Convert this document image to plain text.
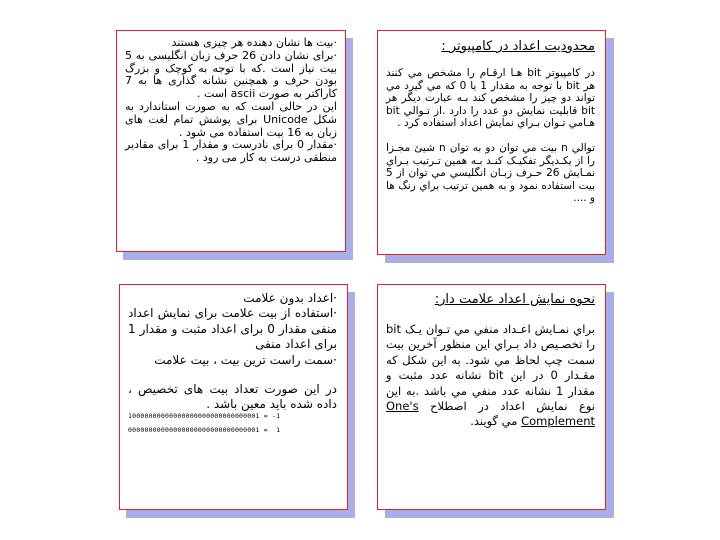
محدوديت اعداد در کامپيوتر :

در کامپيوتر bit هـا ارقـام را مشخص مي کنند هر bit با توجه به مقدار 1 يا 0 که مي گيرد مي تواند دو چيز را مشخص کند بـه عبارت ديگر هر bit قابليت نمايش دو عدد را دارد .از تـوالي bit هـامي تـوان بـراي نمايش اعداد استفاده کرد .

توالي n بيت مي توان دو به توان n شيئ مجـزا را از يکـديگر تفکيـک کنـد بـه همين تـرتيب بـراي نمـايش 26 حـرف زبـان انگليسي مي توان از 5 بيت استفاده نمود و به همين ترتيب براي رنگ ها و ....

·بیت ها نشان دهنده هر چیزی هستند

·برای نشان دادن 26 حرف زبان انگلیسی به 5 بیت نیاز است .که با توجه به کوچک و بزرگ بودن حرف و همچنین نشانه گذاری ها به 7 کاراکتر به صورت ascii است .

این در حالی است که به صورت استاندارد به شکل Unicode برای پوشش تمام لغت های زبان به 16 بیت استفاده می شود .

·مقدار 0 برای نادرست و مقدار 1 برای مقادیر منطقی درست به کار می رود .

نحوه نمايش اعداد علامت دار:

براي نمـايش اعـداد منفي مي تـوان يـک bit را تخصـيص داد بـراي اين منظور آخرين بيت سمت چپ لحاظ مي شود. به اين شکل که مقـدار 0 در اين bit نشانه عدد مثبت و مقدار 1 نشانه عدد منفي مي باشد .به اين نوع نمايش اعداد در اصطلاح One's Complement مي گويند.

·اعداد بدون علامت

·استفاده از بیت علامت برای نمایش اعداد منفی مقدار 0 برای اعداد مثبت و مقدار 1 برای اعداد منفی

·سمت راست ترین بیت ، بیت علامت

در این صورت تعداد بیت های تخصیص ، داده شده باید معین باشد .

10000000000000000000000000000001 = -1
00000000000000000000000000000001 =  1
